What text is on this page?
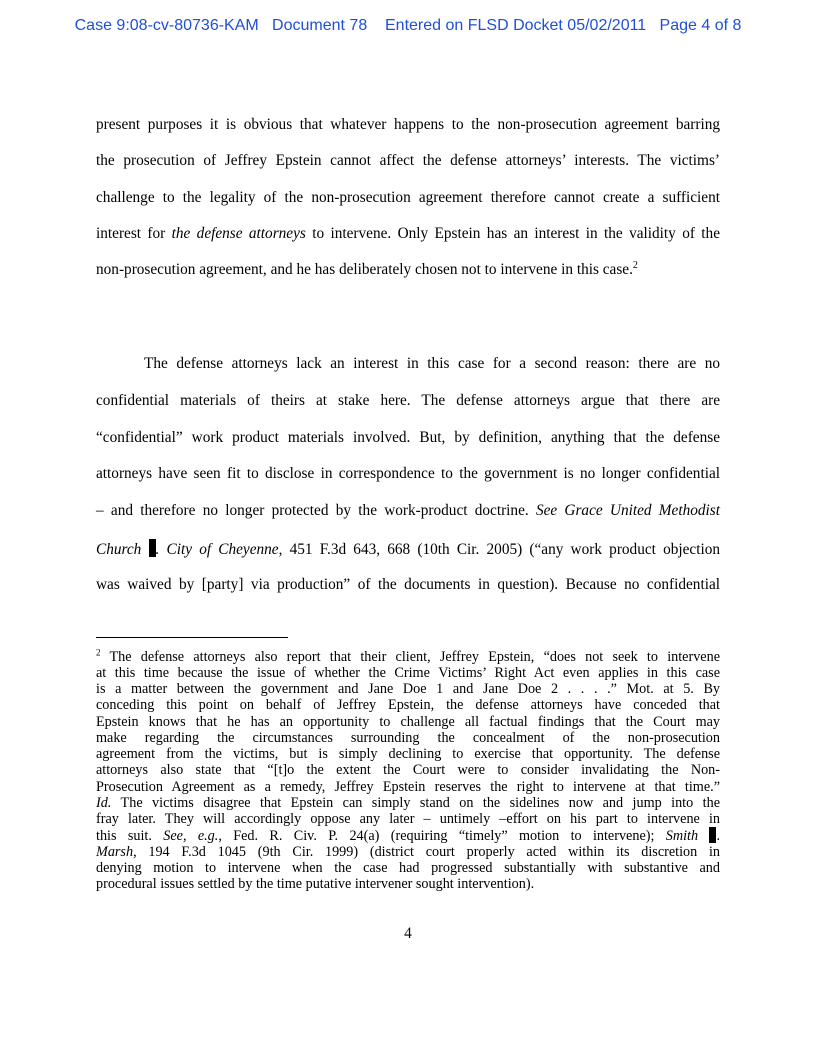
Case 9:08-cv-80736-KAM   Document 78    Entered on FLSD Docket 05/02/2011   Page 4 of 8
present purposes it is obvious that whatever happens to the non-prosecution agreement barring
the prosecution of Jeffrey Epstein cannot affect the defense attorneys’ interests. The victims’
challenge to the legality of the non-prosecution agreement therefore cannot create a sufficient
interest for the defense attorneys to intervene. Only Epstein has an interest in the validity of the
non-prosecution agreement, and he has deliberately chosen not to intervene in this case.$^2$
The defense attorneys lack an interest in this case for a second reason: there are no
confidential materials of theirs at stake here. The defense attorneys argue that there are
“confidential” work product materials involved. But, by definition, anything that the defense
attorneys have seen fit to disclose in correspondence to the government is no longer confidential
– and therefore no longer protected by the work-product doctrine. See Grace United Methodist
Church . City of Cheyenne, 451 F.3d 643, 668 (10th Cir. 2005) (“any work product objection
was waived by [party] via production” of the documents in question). Because no confidential
$^2$ The defense attorneys also report that their client, Jeffrey Epstein, “does not seek to intervene
at this time because the issue of whether the Crime Victims’ Right Act even applies in this case
is a matter between the government and Jane Doe 1 and Jane Doe 2 . . . .” Mot. at 5. By
conceding this point on behalf of Jeffrey Epstein, the defense attorneys have conceded that
Epstein knows that he has an opportunity to challenge all factual findings that the Court may
make regarding the circumstances surrounding the concealment of the non-prosecution
agreement from the victims, but is simply declining to exercise that opportunity. The defense
attorneys also state that “[t]o the extent the Court were to consider invalidating the Non-
Prosecution Agreement as a remedy, Jeffrey Epstein reserves the right to intervene at that time.”
Id. The victims disagree that Epstein can simply stand on the sidelines now and jump into the
fray later. They will accordingly oppose any later – untimely –effort on his part to intervene in
this suit. See, e.g., Fed. R. Civ. P. 24(a) (requiring “timely” motion to intervene); Smith .
Marsh, 194 F.3d 1045 (9th Cir. 1999) (district court properly acted within its discretion in
denying motion to intervene when the case had progressed substantially with substantive and
procedural issues settled by the time putative intervener sought intervention).
4
